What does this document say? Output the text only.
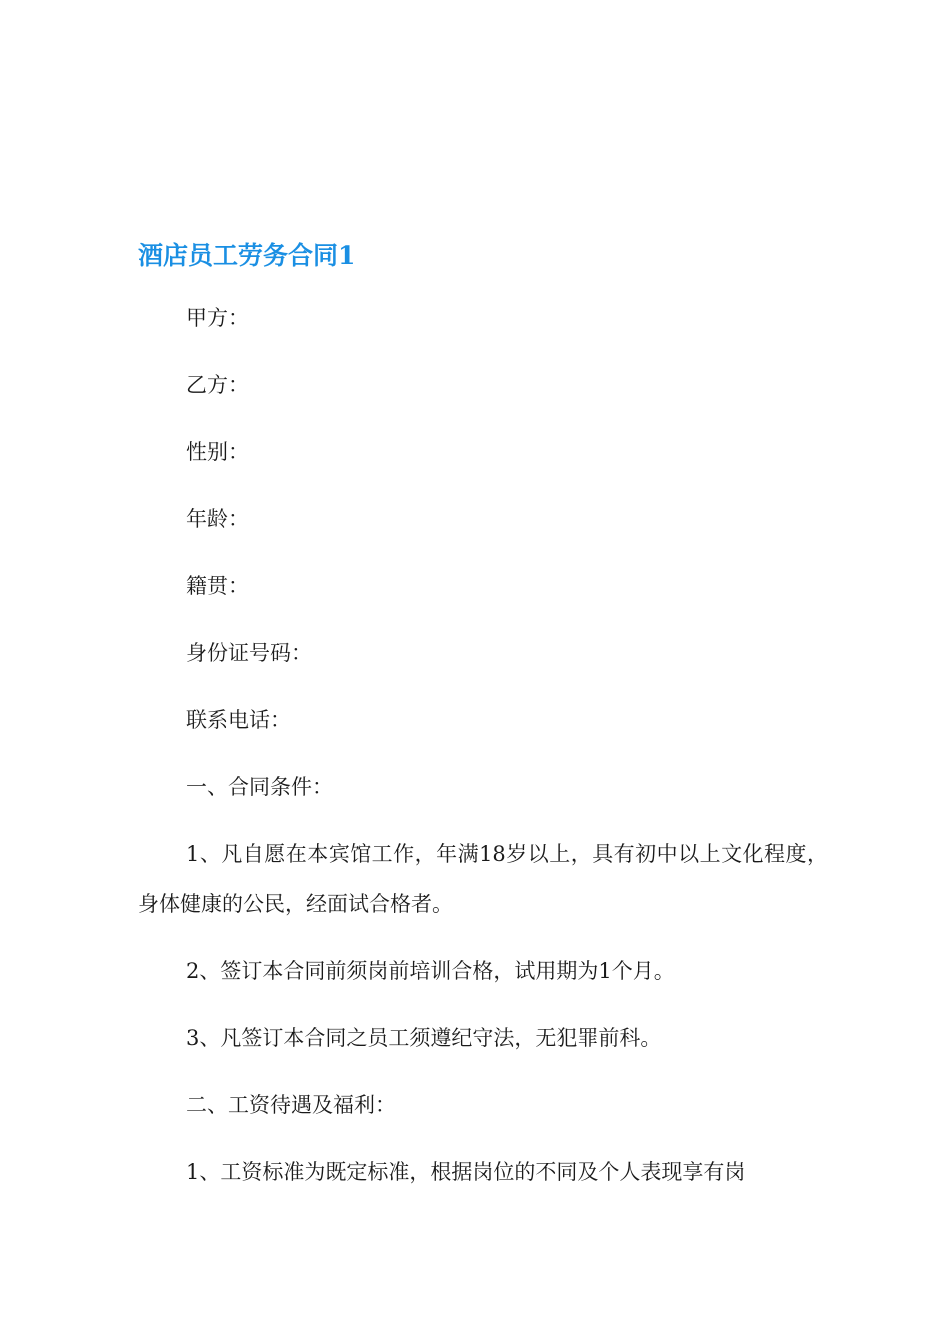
酒店员工劳务合同1

甲方：

乙方：

性别：

年龄：

籍贯：

身份证号码：

联系电话：

一、合同条件：

1、凡自愿在本宾馆工作，年满18岁以上，具有初中以上文化程度，身体健康的公民，经面试合格者。

2、签订本合同前须岗前培训合格，试用期为1个月。

3、凡签订本合同之员工须遵纪守法，无犯罪前科。

二、工资待遇及福利：

1、工资标准为既定标准，根据岗位的不同及个人表现享有岗
